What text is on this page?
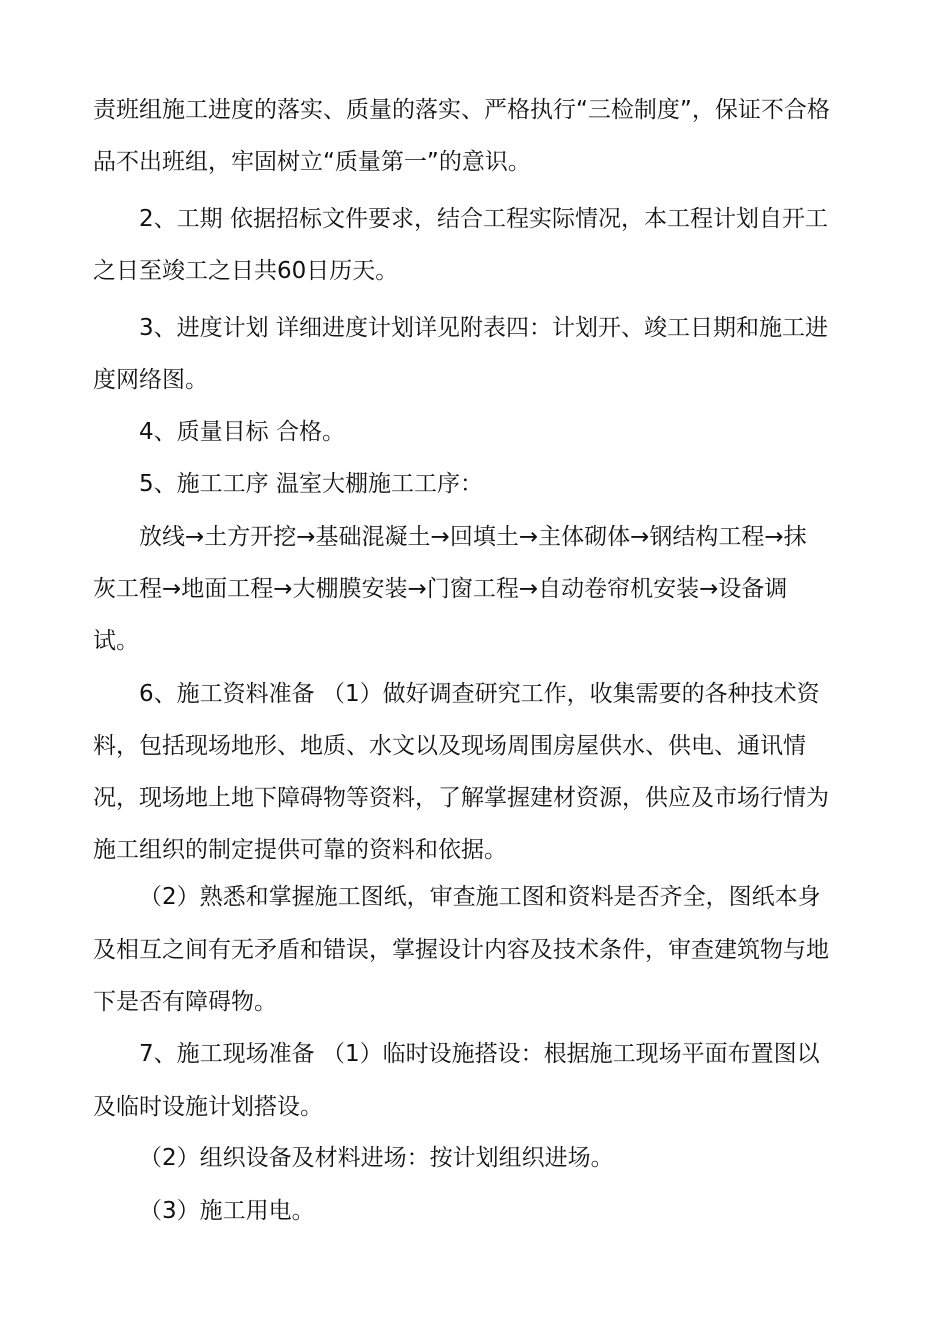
责班组施工进度的落实、质量的落实、严格执行“三检制度”，保证不合格

品不出班组，牢固树立“质量第一”的意识。

2、工期 依据招标文件要求，结合工程实际情况，本工程计划自开工

之日至竣工之日共60日历天。

3、进度计划 详细进度计划详见附表四：计划开、竣工日期和施工进

度网络图。

4、质量目标 合格。

5、施工工序 温室大棚施工工序：

放线→土方开挖→基础混凝土→回填土→主体砌体→钢结构工程→抹

灰工程→地面工程→大棚膜安装→门窗工程→自动卷帘机安装→设备调

试。

6、施工资料准备 （1）做好调查研究工作，收集需要的各种技术资

料，包括现场地形、地质、水文以及现场周围房屋供水、供电、通讯情

况，现场地上地下障碍物等资料，了解掌握建材资源，供应及市场行情为

施工组织的制定提供可靠的资料和依据。

（2）熟悉和掌握施工图纸，审查施工图和资料是否齐全，图纸本身

及相互之间有无矛盾和错误，掌握设计内容及技术条件，审查建筑物与地

下是否有障碍物。

7、施工现场准备 （1）临时设施搭设：根据施工现场平面布置图以

及临时设施计划搭设。

（2）组织设备及材料进场：按计划组织进场。

（3）施工用电。
